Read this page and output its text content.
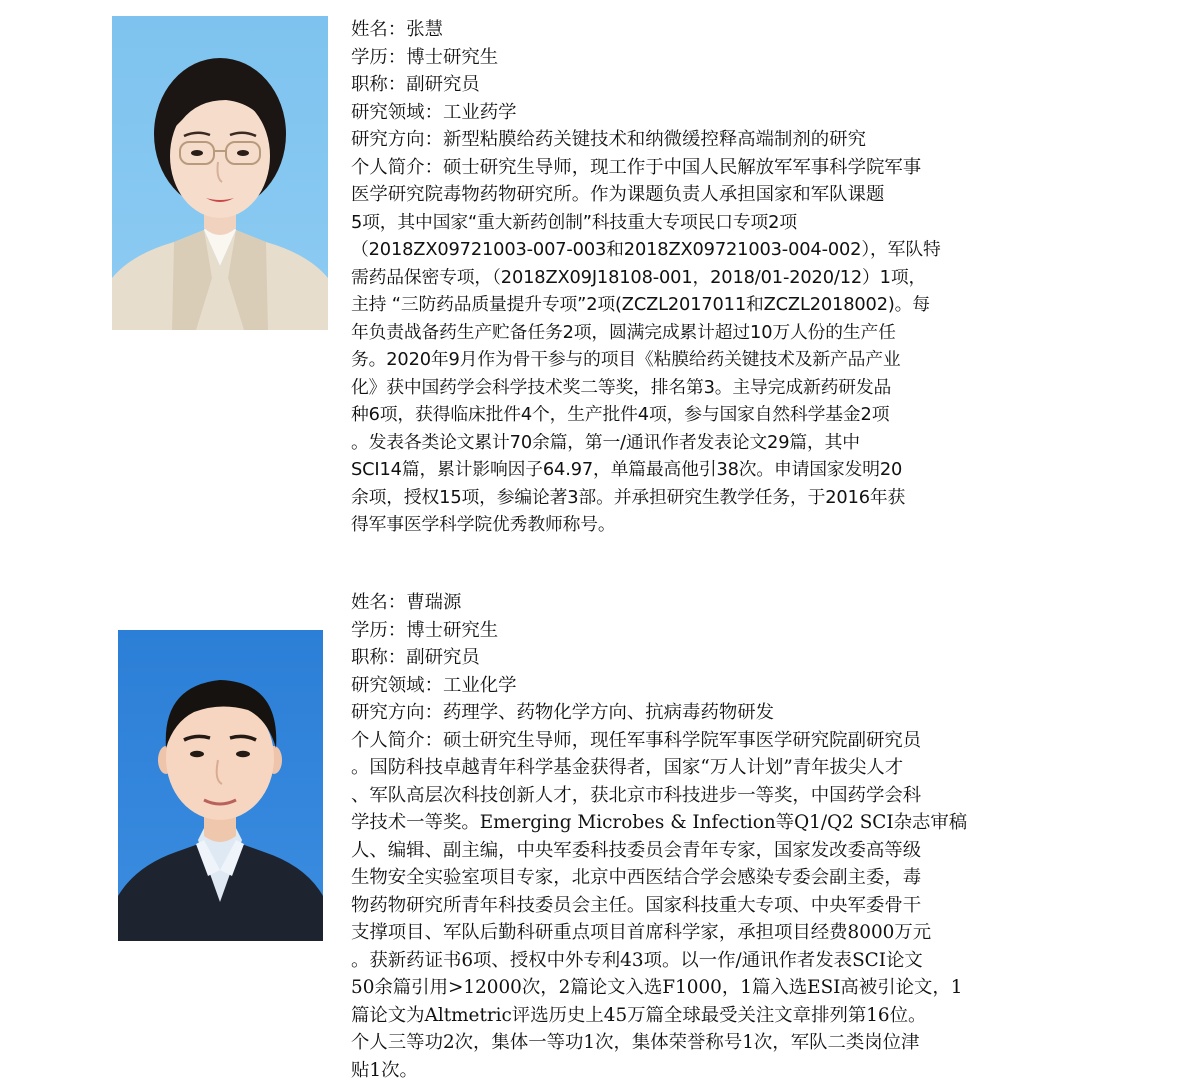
姓名：张慧

学历：博士研究生

职称：副研究员

研究领域：工业药学

研究方向：新型粘膜给药关键技术和纳微缓控释高端制剂的研究

个人简介：硕士研究生导师，现工作于中国人民解放军军事科学院军事
医学研究院毒物药物研究所。作为课题负责人承担国家和军队课题
5项，其中国家“重大新药创制”科技重大专项民口专项2项
（2018ZX09721003-007-003和2018ZX09721003-004-002），军队特
需药品保密专项，（2018ZX09J18108-001，2018/01-2020/12）1项，
主持 “三防药品质量提升专项”2项(ZCZL2017011和ZCZL2018002)。每
年负责战备药生产贮备任务2项，圆满完成累计超过10万人份的生产任
务。2020年9月作为骨干参与的项目《粘膜给药关键技术及新产品产业
化》获中国药学会科学技术奖二等奖，排名第3。主导完成新药研发品
种6项，获得临床批件4个，生产批件4项，参与国家自然科学基金2项
。发表各类论文累计70余篇，第一/通讯作者发表论文29篇，其中
SCI14篇，累计影响因子64.97，单篇最高他引38次。申请国家发明20
余项，授权15项，参编论著3部。并承担研究生教学任务，于2016年获
得军事医学科学院优秀教师称号。

姓名：曹瑞源

学历：博士研究生

职称：副研究员

研究领域：工业化学

研究方向：药理学、药物化学方向、抗病毒药物研发

个人简介：硕士研究生导师，现任军事科学院军事医学研究院副研究员
。国防科技卓越青年科学基金获得者，国家“万人计划”青年拔尖人才
、军队高层次科技创新人才，获北京市科技进步一等奖，中国药学会科
学技术一等奖。Emerging Microbes & Infection等Q1/Q2 SCI杂志审稿
人、编辑、副主编，中央军委科技委员会青年专家，国家发改委高等级
生物安全实验室项目专家，北京中西医结合学会感染专委会副主委，毒
物药物研究所青年科技委员会主任。国家科技重大专项、中央军委骨干
支撑项目、军队后勤科研重点项目首席科学家，承担项目经费8000万元
。获新药证书6项、授权中外专利43项。以一作/通讯作者发表SCI论文
50余篇引用>12000次，2篇论文入选F1000，1篇入选ESI高被引论文，1
篇论文为Altmetric评选历史上45万篇全球最受关注文章排列第16位。
个人三等功2次，集体一等功1次，集体荣誉称号1次，军队二类岗位津
贴1次。
